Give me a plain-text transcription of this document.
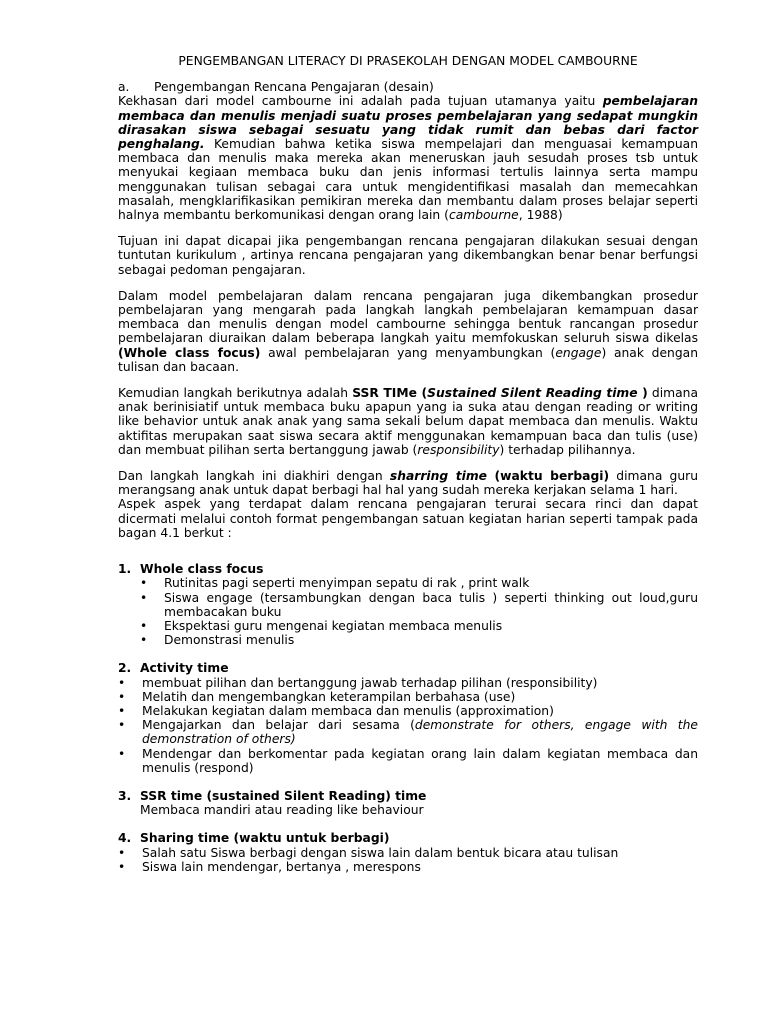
PENGEMBANGAN LITERACY DI PRASEKOLAH DENGAN MODEL CAMBOURNE
a.	Pengembangan Rencana Pengajaran (desain)

Kekhasan dari model cambourne ini adalah pada tujuan utamanya yaitu pembelajaran membaca dan menulis menjadi suatu proses pembelajaran yang sedapat mungkin dirasakan siswa sebagai sesuatu yang tidak rumit dan bebas dari factor penghalang. Kemudian bahwa ketika siswa mempelajari dan menguasai kemampuan membaca dan menulis maka mereka akan meneruskan jauh sesudah proses tsb untuk menyukai kegiaan membaca buku dan jenis informasi tertulis lainnya serta mampu menggunakan tulisan sebagai cara untuk mengidentifikasi masalah dan memecahkan masalah, mengklarifikasikan pemikiran mereka dan membantu dalam proses belajar seperti halnya membantu berkomunikasi dengan orang lain (cambourne, 1988)

Tujuan ini dapat dicapai jika pengembangan rencana pengajaran dilakukan sesuai dengan tuntutan kurikulum , artinya rencana pengajaran yang dikembangkan benar benar berfungsi sebagai pedoman pengajaran.

Dalam model pembelajaran dalam rencana pengajaran juga dikembangkan prosedur pembelajaran yang mengarah pada langkah langkah pembelajaran kemampuan dasar membaca dan menulis dengan model cambourne sehingga bentuk rancangan prosedur pembelajaran diuraikan dalam beberapa langkah yaitu memfokuskan seluruh siswa dikelas (Whole class focus) awal pembelajaran yang menyambungkan (engage) anak dengan tulisan dan bacaan.

Kemudian langkah berikutnya adalah SSR TIMe (Sustained Silent Reading time ) dimana anak berinisiatif untuk membaca buku apapun yang ia suka atau dengan reading or writing like behavior untuk anak anak yang sama sekali belum dapat membaca dan menulis. Waktu aktifitas merupakan saat siswa secara aktif menggunakan kemampuan baca dan tulis (use) dan membuat pilihan serta bertanggung jawab (responsibility) terhadap pilihannya.

Dan langkah langkah ini diakhiri dengan sharring time (waktu berbagi) dimana guru merangsang anak untuk dapat berbagi hal hal yang sudah mereka kerjakan selama 1 hari.

Aspek aspek yang terdapat dalam rencana pengajaran terurai secara rinci dan dapat dicermati melalui contoh format pengembangan satuan kegiatan harian seperti tampak pada bagan 4.1 berkut :

1. Whole class focus
•	Rutinitas pagi seperti menyimpan sepatu di rak , print walk
•	Siswa engage (tersambungkan dengan baca tulis ) seperti thinking out loud,guru membacakan buku
•	Ekspektasi guru mengenai kegiatan membaca menulis
•	Demonstrasi menulis
2. Activity time
•	membuat pilihan dan bertanggung jawab terhadap pilihan (responsibility)
•	Melatih dan mengembangkan keterampilan berbahasa (use)
•	Melakukan kegiatan dalam membaca dan menulis (approximation)
•	Mengajarkan dan belajar dari sesama (demonstrate for others, engage with the demonstration of others)
•	Mendengar dan berkomentar pada kegiatan orang lain dalam kegiatan membaca dan menulis (respond)
3. SSR time (sustained Silent Reading) time
Membaca mandiri atau reading like behaviour
4. Sharing time (waktu untuk berbagi)
•	Salah satu Siswa berbagi dengan siswa lain dalam bentuk bicara atau tulisan
•	Siswa lain mendengar, bertanya , merespons
